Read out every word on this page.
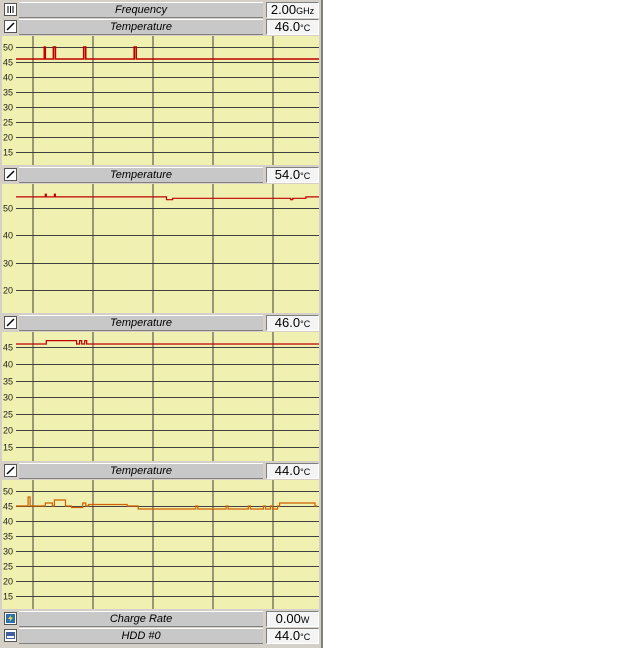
Frequency	2.00GHz
Temperature	46.0°C
15
20
25
30
35
40
45
50
Temperature	54.0°C
20
30
40
50
Temperature	46.0°C
15
20
25
30
35
40
45
Temperature	44.0°C
15
20
25
30
35
40
45
50
Charge Rate	0.00W
HDD #0	44.0°C
